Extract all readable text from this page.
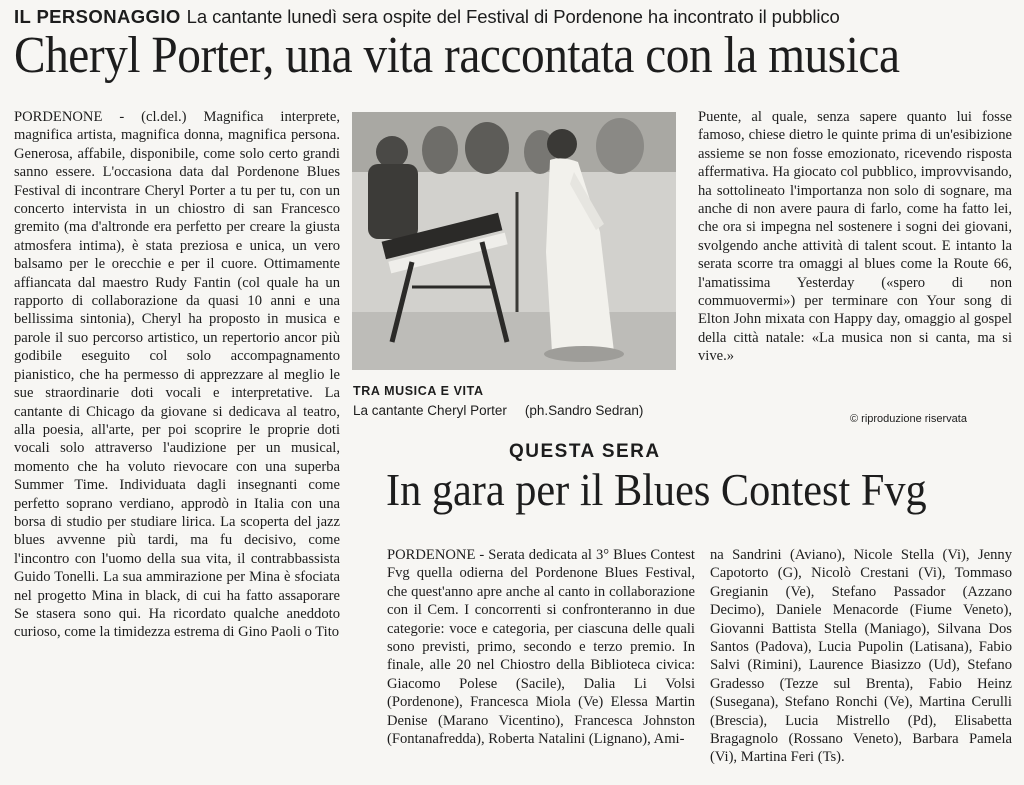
IL PERSONAGGIO La cantante lunedì sera ospite del Festival di Pordenone ha incontrato il pubblico
Cheryl Porter, una vita raccontata con la musica

PORDENONE - (cl.del.) Magnifica interprete, magnifica artista, magnifica donna, magnifica persona. Generosa, affabile, disponibile, come solo certo grandi sanno essere. L'occasiona data dal Pordenone Blues Festival di incontrare Cheryl Porter a tu per tu, con un concerto intervista in un chiostro di san Francesco gremito (ma d'altronde era perfetto per creare la giusta atmosfera intima), è stata preziosa e unica, un vero balsamo per le orecchie e per il cuore. Ottimamente affiancata dal maestro Rudy Fantin (col quale ha un rapporto di collaborazione da quasi 10 anni e una bellissima sintonia), Cheryl ha proposto in musica e parole il suo percorso artistico, un repertorio ancor più godibile eseguito col solo accompagnamento pianistico, che ha permesso di apprezzare al meglio le sue straordinarie doti vocali e interpretative. La cantante di Chicago da giovane si dedicava al teatro, alla poesia, all'arte, per poi scoprire le proprie doti vocali solo attraverso l'audizione per un musical, momento che ha voluto rievocare con una superba Summer Time. Individuata dagli insegnanti come perfetto soprano verdiano, approdò in Italia con una borsa di studio per studiare lirica. La scoperta del jazz blues avvenne più tardi, ma fu decisivo, come l'incontro con l'uomo della sua vita, il contrabbassista Guido Tonelli. La sua ammirazione per Mina è sfociata nel progetto Mina in black, di cui ha fatto assaporare Se stasera sono qui. Ha ricordato qualche aneddoto curioso, come la timidezza estrema di Gino Paoli o Tito

TRA MUSICA E VITA
La cantante Cheryl Porter (ph.Sandro Sedran)

Puente, al quale, senza sapere quanto lui fosse famoso, chiese dietro le quinte prima di un'esibizione assieme se non fosse emozionato, ricevendo risposta affermativa. Ha giocato col pubblico, improvvisando, ha sottolineato l'importanza non solo di sognare, ma anche di non avere paura di farlo, come ha fatto lei, che ora si impegna nel sostenere i sogni dei giovani, svolgendo anche attività di talent scout. E intanto la serata scorre tra omaggi al blues come la Route 66, l'amatissima Yesterday («spero di non commuovermi») per terminare con Your song di Elton John mixata con Happy day, omaggio al gospel della città natale: «La musica non si canta, ma si vive.»

© riproduzione riservata
QUESTA SERA
In gara per il Blues Contest Fvg

PORDENONE - Serata dedicata al 3° Blues Contest Fvg quella odierna del Pordenone Blues Festival, che quest'anno apre anche al canto in collaborazione con il Cem. I concorrenti si confronteranno in due categorie: voce e categoria, per ciascuna delle quali sono previsti, primo, secondo e terzo premio. In finale, alle 20 nel Chiostro della Biblioteca civica: Giacomo Polese (Sacile), Dalia Li Volsi (Pordenone), Francesca Miola (Ve) Elessa Martin Denise (Marano Vicentino), Francesca Johnston (Fontanafredda), Roberta Natalini (Lignano), Ami-

na Sandrini (Aviano), Nicole Stella (Vi), Jenny Capotorto (G), Nicolò Crestani (Vi), Tommaso Gregianin (Ve), Stefano Passador (Azzano Decimo), Daniele Menacorde (Fiume Veneto), Giovanni Battista Stella (Maniago), Silvana Dos Santos (Padova), Lucia Pupolin (Latisana), Fabio Salvi (Rimini), Laurence Biasizzo (Ud), Stefano Gradesso (Tezze sul Brenta), Fabio Heinz (Susegana), Stefano Ronchi (Ve), Martina Cerulli (Brescia), Lucia Mistrello (Pd), Elisabetta Bragagnolo (Rossano Veneto), Barbara Pamela (Vi), Martina Feri (Ts).
